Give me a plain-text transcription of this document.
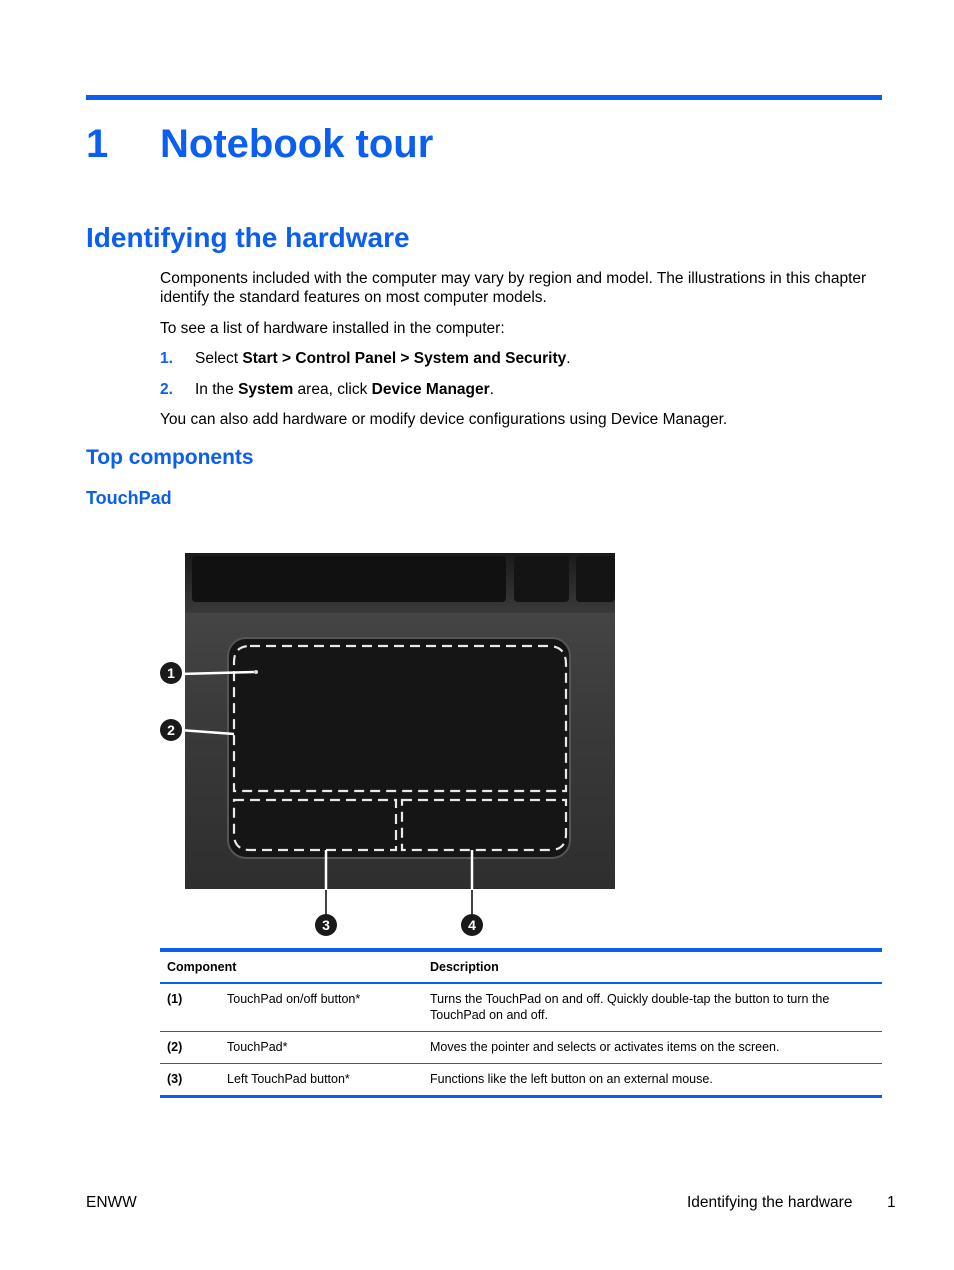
1 Notebook tour
Identifying the hardware
Components included with the computer may vary by region and model. The illustrations in this chapter identify the standard features on most computer models.
To see a list of hardware installed in the computer:
1. Select Start > Control Panel > System and Security.
2. In the System area, click Device Manager.
You can also add hardware or modify device configurations using Device Manager.
Top components
TouchPad
1
2
3	4
Component	Description
(1)	TouchPad on/off button*	Turns the TouchPad on and off. Quickly double-tap the button to turn the TouchPad on and off.
(2)	TouchPad*	Moves the pointer and selects or activates items on the screen.
(3)	Left TouchPad button*	Functions like the left button on an external mouse.
ENWW	Identifying the hardware 1
